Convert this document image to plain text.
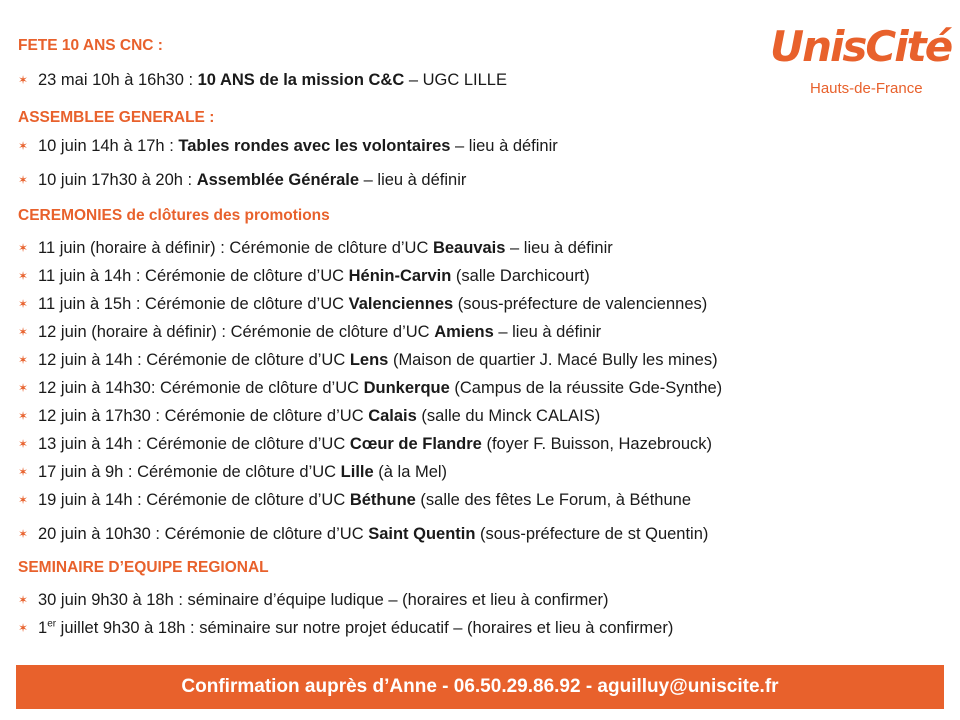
UnisCité
Hauts-de-France
FETE 10 ANS CNC :
✶ 23 mai 10h à 16h30 : 10 ANS de la mission C&C – UGC LILLE
ASSEMBLEE GENERALE :
✶ 10 juin 14h à 17h : Tables rondes avec les volontaires – lieu à définir
✶ 10 juin 17h30 à 20h : Assemblée Générale – lieu à définir
CEREMONIES de clôtures des promotions
✶ 11 juin (horaire à définir) : Cérémonie de clôture d’UC Beauvais – lieu à définir
✶ 11 juin à 14h : Cérémonie de clôture d’UC Hénin-Carvin (salle Darchicourt)
✶ 11 juin à 15h : Cérémonie de clôture d’UC Valenciennes (sous-préfecture de valenciennes)
✶ 12 juin (horaire à définir) : Cérémonie de clôture d’UC Amiens – lieu à définir
✶ 12 juin à 14h : Cérémonie de clôture d’UC Lens (Maison de quartier J. Macé Bully les mines)
✶ 12 juin à 14h30: Cérémonie de clôture d’UC Dunkerque (Campus de la réussite Gde-Synthe)
✶ 12 juin à 17h30 : Cérémonie de clôture d’UC Calais (salle du Minck CALAIS)
✶ 13 juin à 14h : Cérémonie de clôture d’UC Cœur de Flandre (foyer F. Buisson, Hazebrouck)
✶ 17 juin à 9h : Cérémonie de clôture d’UC Lille (à la Mel)
✶ 19 juin à 14h : Cérémonie de clôture d’UC Béthune (salle des fêtes Le Forum, à Béthune
✶ 20 juin à 10h30 : Cérémonie de clôture d’UC Saint Quentin (sous-préfecture de st Quentin)
SEMINAIRE D’EQUIPE REGIONAL
✶ 30 juin 9h30 à 18h : séminaire d’équipe ludique – (horaires et lieu à confirmer)
✶ 1er juillet 9h30 à 18h : séminaire sur notre projet éducatif – (horaires et lieu à confirmer)
Confirmation auprès d’Anne - 06.50.29.86.92 - aguilluy@uniscite.fr
